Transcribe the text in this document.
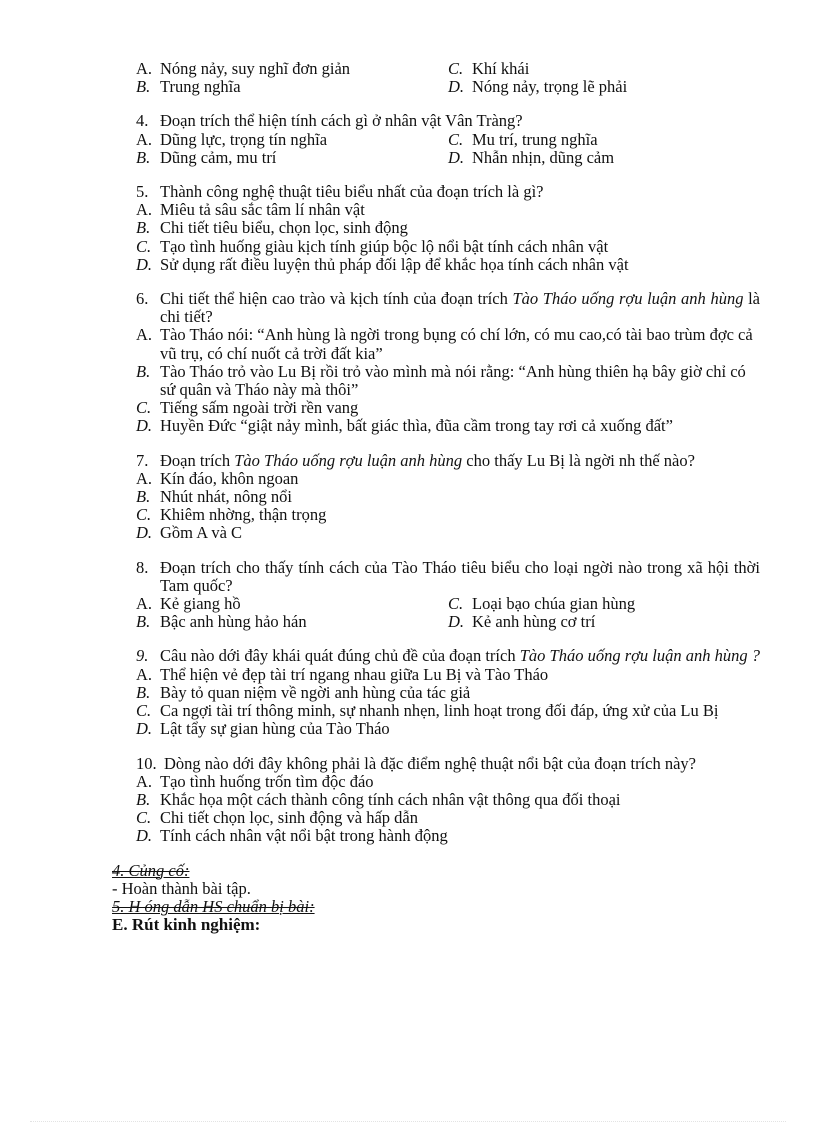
A. Nóng nảy, suy nghĩ đơn giản	C. Khí khái
B. Trung nghĩa	D. Nóng nảy, trọng lẽ phải
4. Đoạn trích thể hiện tính cách gì ở nhân vật Vân Tràng?
A. Dũng lực, trọng tín nghĩa	C. Mu trí, trung nghĩa
B. Dũng cảm, mu trí	D. Nhẫn nhịn, dũng cảm
5. Thành công nghệ thuật tiêu biểu nhất của đoạn trích là gì?
A. Miêu tả sâu sắc tâm lí nhân vật
B. Chi tiết tiêu biểu, chọn lọc, sinh động
C. Tạo tình huống giàu kịch tính giúp bộc lộ nổi bật tính cách nhân vật
D. Sử dụng rất điều luyện thủ pháp đối lập để khắc họa tính cách nhân vật
6. Chi tiết thể hiện cao trào và kịch tính của đoạn trích Tào Tháo uống rợu luận anh hùng là chi tiết?
A. Tào Tháo nói: “Anh hùng là ngời trong bụng có chí lớn, có mu cao,có tài bao trùm đợc cả vũ trụ, có chí nuốt cả trời đất kia”
B. Tào Tháo trỏ vào Lu Bị rồi trỏ vào mình mà nói rằng: “Anh hùng thiên hạ bây giờ chỉ có sứ quân và Tháo này mà thôi”
C. Tiếng sấm ngoài trời rền vang
D. Huyền Đức “giật nảy mình, bất giác thìa, đũa cầm trong tay rơi cả xuống đất”
7. Đoạn trích Tào Tháo uống rợu luận anh hùng cho thấy Lu Bị là ngời nh thế nào?
A. Kín đáo, khôn ngoan
B. Nhút nhát, nông nổi
C. Khiêm nhờng, thận trọng
D. Gồm A và C
8. Đoạn trích cho thấy tính cách của Tào Tháo tiêu biểu cho loại ngời nào trong xã hội thời Tam quốc?
A. Kẻ giang hồ	C. Loại bạo chúa gian hùng
B. Bậc anh hùng hảo hán	D. Kẻ anh hùng cơ trí
9. Câu nào dới đây khái quát đúng chủ đề của đoạn trích Tào Tháo uống rợu luận anh hùng ?
A. Thể hiện vẻ đẹp tài trí ngang nhau giữa Lu Bị và Tào Tháo
B. Bày tỏ quan niệm về ngời anh hùng của tác giả
C. Ca ngợi tài trí thông minh, sự nhanh nhẹn, linh hoạt trong đối đáp, ứng xử của Lu Bị
D. Lật tẩy sự gian hùng của Tào Tháo
10. Dòng nào dới đây không phải là đặc điểm nghệ thuật nổi bật của đoạn trích này?
A. Tạo tình huống trốn tìm độc đáo
B. Khắc họa một cách thành công tính cách nhân vật thông qua đối thoại
C. Chi tiết chọn lọc, sinh động và hấp dẫn
D. Tính cách nhân vật nổi bật trong hành động
4. Củng cố:
- Hoàn thành bài tập.
5. H óng dẫn HS chuẩn bị bài:
E. Rút kinh nghiệm:
